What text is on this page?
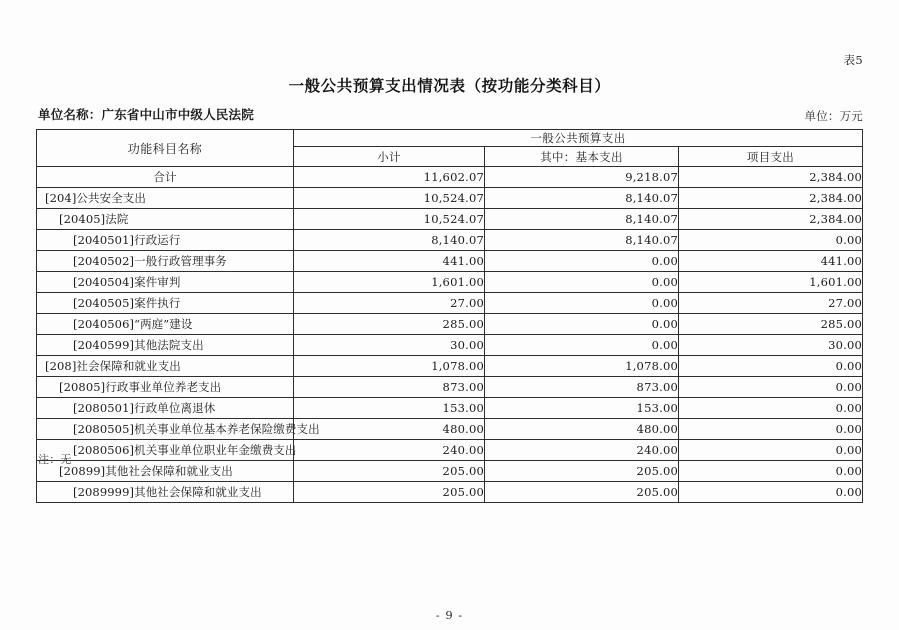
表5
一般公共预算支出情况表（按功能分类科目）
单位名称：广东省中山市中级人民法院	单位：万元
功能科目名称	一般公共预算支出		
	小计	其中：基本支出	项目支出
合计	11,602.07	9,218.07	2,384.00
[204]公共安全支出	10,524.07	8,140.07	2,384.00
[20405]法院	10,524.07	8,140.07	2,384.00
[2040501]行政运行	8,140.07	8,140.07	0.00
[2040502]一般行政管理事务	441.00	0.00	441.00
[2040504]案件审判	1,601.00	0.00	1,601.00
[2040505]案件执行	27.00	0.00	27.00
[2040506]“两庭”建设	285.00	0.00	285.00
[2040599]其他法院支出	30.00	0.00	30.00
[208]社会保障和就业支出	1,078.00	1,078.00	0.00
[20805]行政事业单位养老支出	873.00	873.00	0.00
[2080501]行政单位离退休	153.00	153.00	0.00
[2080505]机关事业单位基本养老保险缴费支出	480.00	480.00	0.00
[2080506]机关事业单位职业年金缴费支出	240.00	240.00	0.00
[20899]其他社会保障和就业支出	205.00	205.00	0.00
[2089999]其他社会保障和就业支出	205.00	205.00	0.00
注：无
- 9 -
